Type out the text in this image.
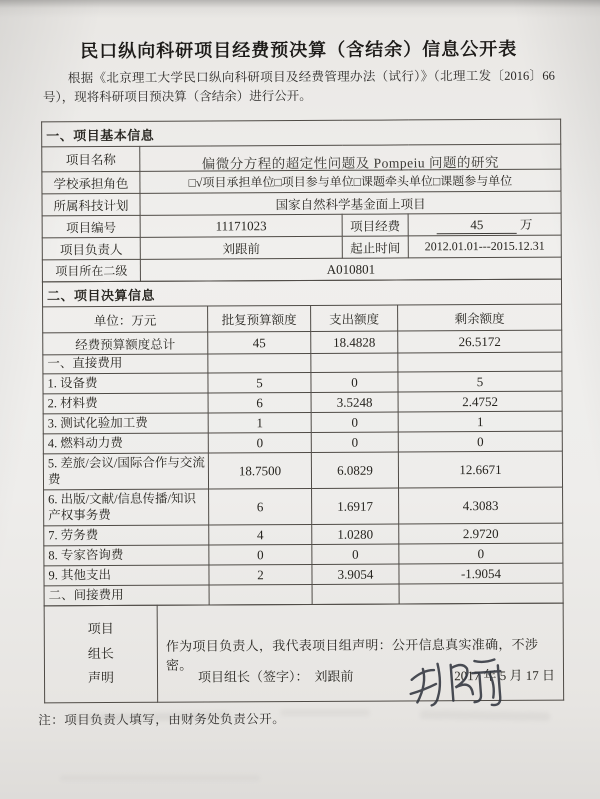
民口纵向科研项目经费预决算（含结余）信息公开表
根据《北京理工大学民口纵向科研项目及经费管理办法（试行）》（北理工发〔2016〕66 号），现将科研项目预决算（含结余）进行公开。
一、项目基本信息			
项目名称	偏微分方程的超定性问题及 Pompeiu 问题的研究		

学校承担角色	□√项目承担单位□项目参与单位□课题牵头单位□课题参与单位		
所属科技计划	国家自然科学基金面上项目		
项目编号	11171023	项目经费	45 万
项目负责人	刘跟前	起止时间	2012.01.01---2015.12.31
项目所在二级	A010801		
二、项目决算信息			
单位：万元	批复预算额度	支出额度	剩余额度
经费预算额度总计	45	18.4828	26.5172
一、直接费用			
1. 设备费	5	0	5
2. 材料费	6	3.5248	2.4752
3. 测试化验加工费	1	0	1
4. 燃料动力费	0	0	0
5. 差旅/会议/国际合作与交流费	18.7500	6.0829	12.6671
6. 出版/文献/信息传播/知识产权事务费	6	1.6917	4.3083
7. 劳务费	4	1.0280	2.9720
8. 专家咨询费	0	0	0
9. 其他支出	2	3.9054	-1.9054
二、间接费用			
项目
组长
声明	
作为项目负责人，我代表项目组声明：公开信息真实准确，不涉密。
项目组长（签字）： 刘跟前	2017 年 5 月 17 日
注：项目负责人填写，由财务处负责公开。
